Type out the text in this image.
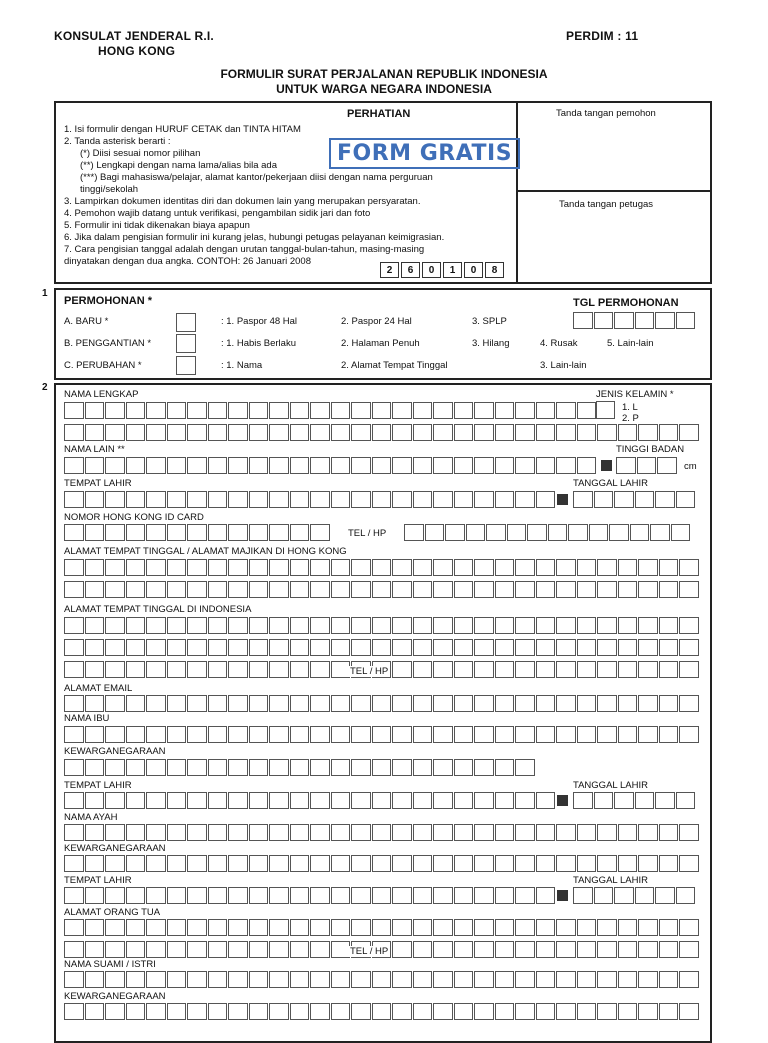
KONSULAT JENDERAL R.I.
HONG KONG
PERDIM : 11
FORMULIR SURAT PERJALANAN REPUBLIK INDONESIA
UNTUK WARGA NEGARA INDONESIA
PERHATIAN
1. Isi formulir dengan HURUF CETAK dan TINTA HITAM
2. Tanda asterisk berarti :
(*) Diisi sesuai nomor pilihan
(**) Lengkapi dengan nama lama/alias bila ada
(***) Bagi mahasiswa/pelajar, alamat kantor/pekerjaan diisi dengan nama perguruan
tinggi/sekolah
3. Lampirkan dokumen identitas diri dan dokumen lain yang merupakan persyaratan.
4. Pemohon wajib datang untuk verifikasi, pengambilan sidik jari dan foto
5. Formulir ini tidak dikenakan biaya apapun
6. Jika dalam pengisian formulir ini kurang jelas, hubungi petugas pelayanan keimigrasian.
7. Cara pengisian tanggal adalah dengan urutan tanggal-bulan-tahun, masing-masing
dinyatakan dengan dua angka. CONTOH: 26 Januari 2008
2	6	0	1	0	8
FORM GRATIS
Tanda tangan pemohon
Tanda tangan petugas
1
PERMOHONAN *	TGL PERMOHONAN
A. BARU *	: 1. Paspor 48 Hal	2. Paspor 24 Hal	3. SPLP
B. PENGGANTIAN *	: 1. Habis Berlaku	2. Halaman Penuh	3. Hilang	4. Rusak	5. Lain-lain
C. PERUBAHAN *	: 1. Nama	2. Alamat Tempat Tinggal	3. Lain-lain
2
NAMA LENGKAP	JENIS KELAMIN *
1. L
2. P
NAMA LAIN **	TINGGI BADAN
cm
TEMPAT LAHIR	TANGGAL LAHIR
NOMOR HONG KONG ID CARD
TEL / HP
ALAMAT TEMPAT TINGGAL / ALAMAT MAJIKAN DI HONG KONG
ALAMAT TEMPAT TINGGAL DI INDONESIA
TEL / HP
ALAMAT EMAIL
NAMA IBU
KEWARGANEGARAAN
TEMPAT LAHIR	TANGGAL LAHIR
NAMA AYAH
KEWARGANEGARAAN
TEMPAT LAHIR	TANGGAL LAHIR
ALAMAT ORANG TUA
TEL / HP
NAMA SUAMI / ISTRI
KEWARGANEGARAAN
